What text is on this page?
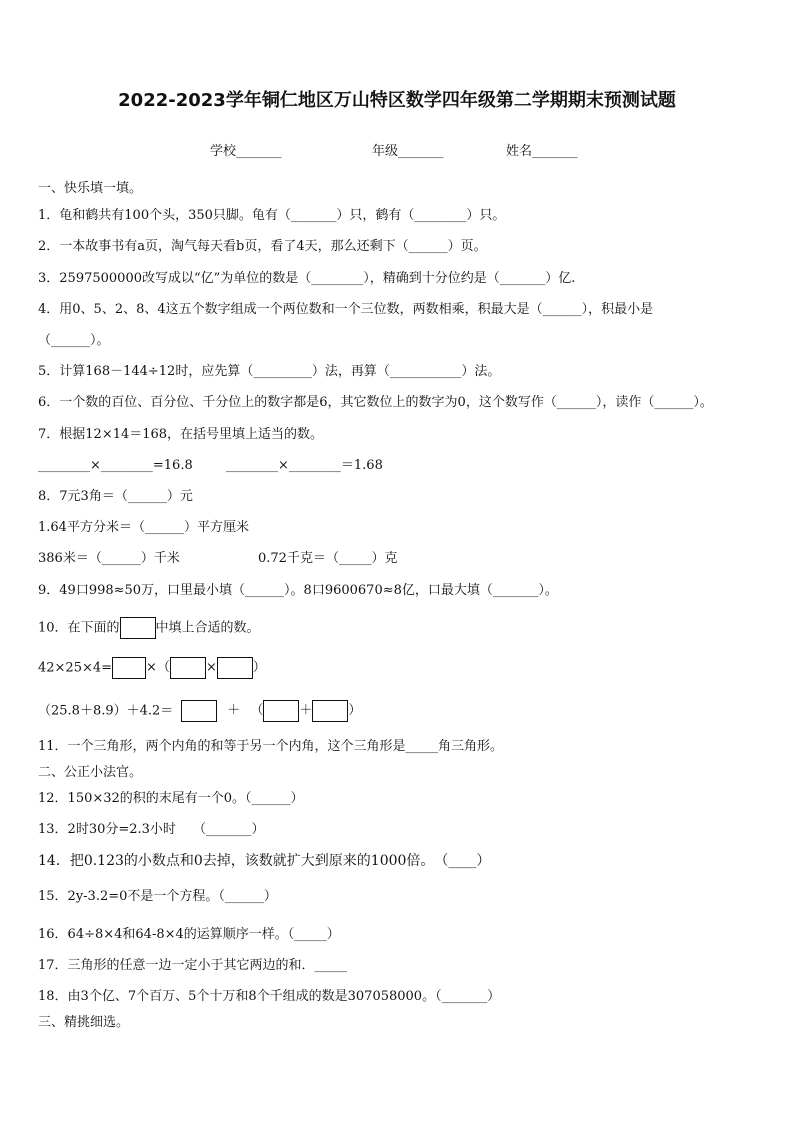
2022-2023学年铜仁地区万山特区数学四年级第二学期期末预测试题
学校_______	年级_______	姓名_______
一、快乐填一填。
1．龟和鹤共有100个头，350只脚。龟有（_______）只，鹤有（________）只。
2．一本故事书有a页，淘气每天看b页，看了4天，那么还剩下（______）页。
3．2597500000改写成以“亿”为单位的数是（________），精确到十分位约是（_______）亿.
4．用0、5、2、8、4这五个数字组成一个两位数和一个三位数，两数相乘，积最大是（______），积最小是
（______）。
5．计算168－144÷12时，应先算（_________）法，再算（___________）法。
6．一个数的百位、百分位、千分位上的数字都是6，其它数位上的数字为0，这个数写作（______），读作（______）。
7．根据12×14＝168，在括号里填上适当的数。
________×________=16.8	________×________＝1.68
8．7元3角＝（______）元
1.64平方分米＝（______）平方厘米
386米＝（______）千米	0.72千克＝（_____）克
9．49口998≈50万，口里最小填（______）。8口9600670≈8亿，口最大填（_______）。
10．在下面的	中填上合适的数。
42×25×4=	×（	×	）
（25.8＋8.9）＋4.2＝	＋ （	＋	）
11．一个三角形，两个内角的和等于另一个内角，这个三角形是_____角三角形。
二、公正小法官。
12．150×32的积的末尾有一个0。（______）
13．2时30分=2.3小时　 （_______）
14．把0.123的小数点和0去掉，该数就扩大到原来的1000倍。　（____）
15．2y-3.2=0不是一个方程。（______）
16．64÷8×4和64-8×4的运算顺序一样。（_____）
17．三角形的任意一边一定小于其它两边的和．_____
18．由3个亿、7个百万、5个十万和8个千组成的数是307058000。（_______）
三、精挑细选。
